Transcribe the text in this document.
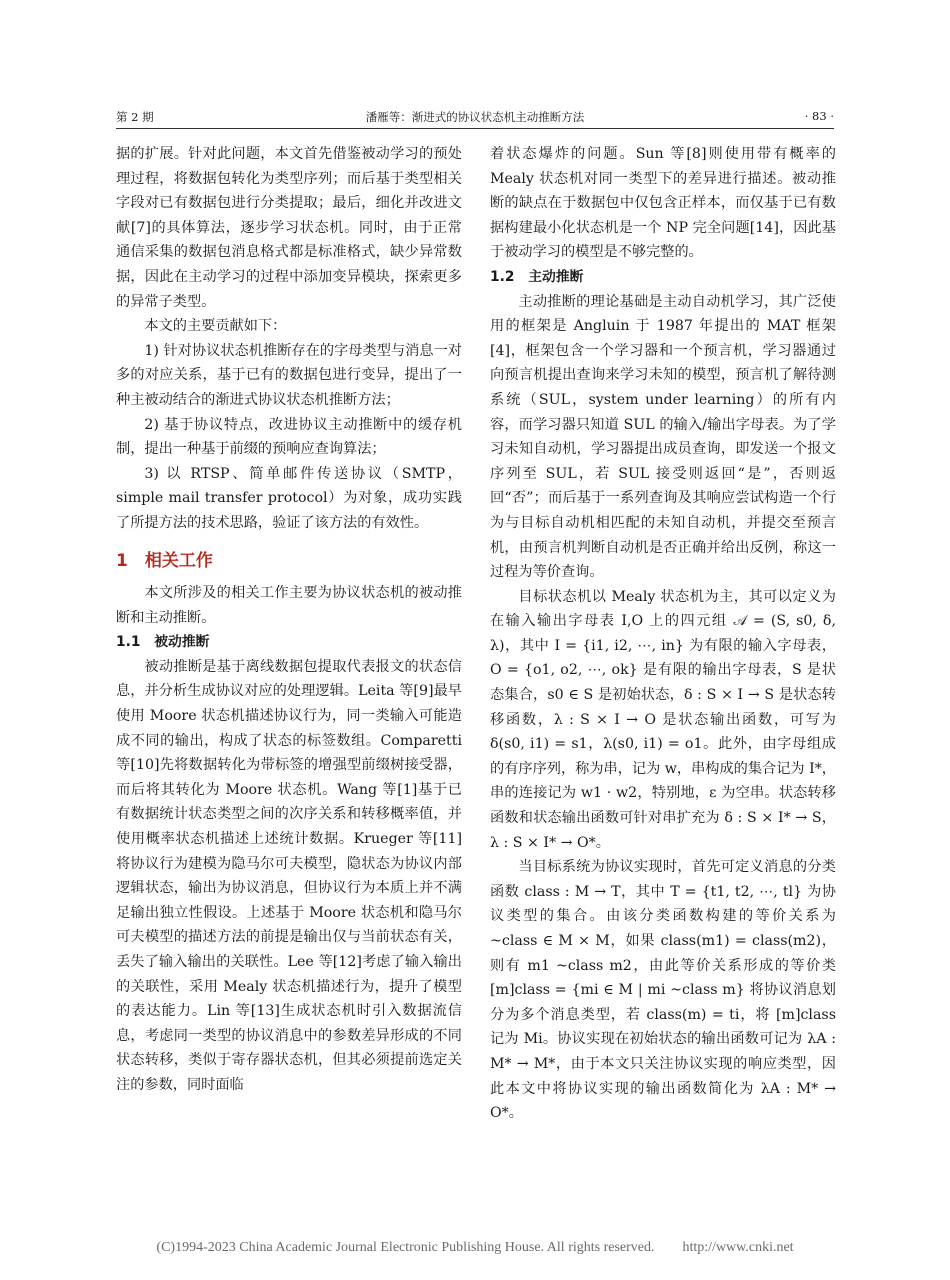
第 2 期	潘雁等：渐进式的协议状态机主动推断方法	· 83 ·

据的扩展。针对此问题，本文首先借鉴被动学习的预处理过程，将数据包转化为类型序列；而后基于类型相关字段对已有数据包进行分类提取；最后，细化并改进文献[7]的具体算法，逐步学习状态机。同时，由于正常通信采集的数据包消息格式都是标准格式，缺少异常数据，因此在主动学习的过程中添加变异模块，探索更多的异常子类型。

本文的主要贡献如下：

1) 针对协议状态机推断存在的字母类型与消息一对多的对应关系，基于已有的数据包进行变异，提出了一种主被动结合的渐进式协议状态机推断方法；

2) 基于协议特点，改进协议主动推断中的缓存机制，提出一种基于前缀的预响应查询算法；

3) 以 RTSP、简单邮件传送协议（SMTP，simple mail transfer protocol）为对象，成功实践了所提方法的技术思路，验证了该方法的有效性。

1　相关工作

本文所涉及的相关工作主要为协议状态机的被动推断和主动推断。

1.1　被动推断

被动推断是基于离线数据包提取代表报文的状态信息，并分析生成协议对应的处理逻辑。Leita 等[9]最早使用 Moore 状态机描述协议行为，同一类输入可能造成不同的输出，构成了状态的标签数组。Comparetti 等[10]先将数据转化为带标签的增强型前缀树接受器，而后将其转化为 Moore 状态机。Wang 等[1]基于已有数据统计状态类型之间的次序关系和转移概率值，并使用概率状态机描述上述统计数据。Krueger 等[11]将协议行为建模为隐马尔可夫模型，隐状态为协议内部逻辑状态，输出为协议消息，但协议行为本质上并不满足输出独立性假设。上述基于 Moore 状态机和隐马尔可夫模型的描述方法的前提是输出仅与当前状态有关，丢失了输入输出的关联性。Lee 等[12]考虑了输入输出的关联性，采用 Mealy 状态机描述行为，提升了模型的表达能力。Lin 等[13]生成状态机时引入数据流信息，考虑同一类型的协议消息中的参数差异形成的不同状态转移，类似于寄存器状态机，但其必须提前选定关注的参数，同时面临

着状态爆炸的问题。Sun 等[8]则使用带有概率的 Mealy 状态机对同一类型下的差异进行描述。被动推断的缺点在于数据包中仅包含正样本，而仅基于已有数据构建最小化状态机是一个 NP 完全问题[14]，因此基于被动学习的模型是不够完整的。

1.2　主动推断

主动推断的理论基础是主动自动机学习，其广泛使用的框架是 Angluin 于 1987 年提出的 MAT 框架[4]，框架包含一个学习器和一个预言机，学习器通过向预言机提出查询来学习未知的模型，预言机了解待测系统（SUL，system under learning）的所有内容，而学习器只知道 SUL 的输入/输出字母表。为了学习未知自动机，学习器提出成员查询，即发送一个报文序列至 SUL，若 SUL 接受则返回“是”，否则返回“否”；而后基于一系列查询及其响应尝试构造一个行为与目标自动机相匹配的未知自动机，并提交至预言机，由预言机判断自动机是否正确并给出反例，称这一过程为等价查询。

目标状态机以 Mealy 状态机为主，其可以定义为在输入输出字母表 I,O 上的四元组 𝒜 = (S, s0, δ, λ)，其中 I = {i1, i2, ⋯, in} 为有限的输入字母表，O = {o1, o2, ⋯, ok} 是有限的输出字母表，S 是状态集合，s0 ∈ S 是初始状态，δ : S × I → S 是状态转移函数，λ : S × I → O 是状态输出函数，可写为 δ(s0, i1) = s1，λ(s0, i1) = o1。此外，由字母组成的有序序列，称为串，记为 w，串构成的集合记为 I*，串的连接记为 w1 · w2，特别地，ε 为空串。状态转移函数和状态输出函数可针对串扩充为 δ : S × I* → S，λ : S × I* → O*。

当目标系统为协议实现时，首先可定义消息的分类函数 class : M → T，其中 T = {t1, t2, ⋯, tl} 为协议类型的集合。由该分类函数构建的等价关系为 ~class ∈ M × M，如果 class(m1) = class(m2)，则有 m1 ~class m2，由此等价关系形成的等价类 [m]class = {mi ∈ M | mi ~class m} 将协议消息划分为多个消息类型，若 class(m) = ti，将 [m]class 记为 Mi。协议实现在初始状态的输出函数可记为 λA : M* → M*，由于本文只关注协议实现的响应类型，因此本文中将协议实现的输出函数简化为 λA : M* → O*。

(C)1994-2023 China Academic Journal Electronic Publishing House. All rights reserved.　　http://www.cnki.net
